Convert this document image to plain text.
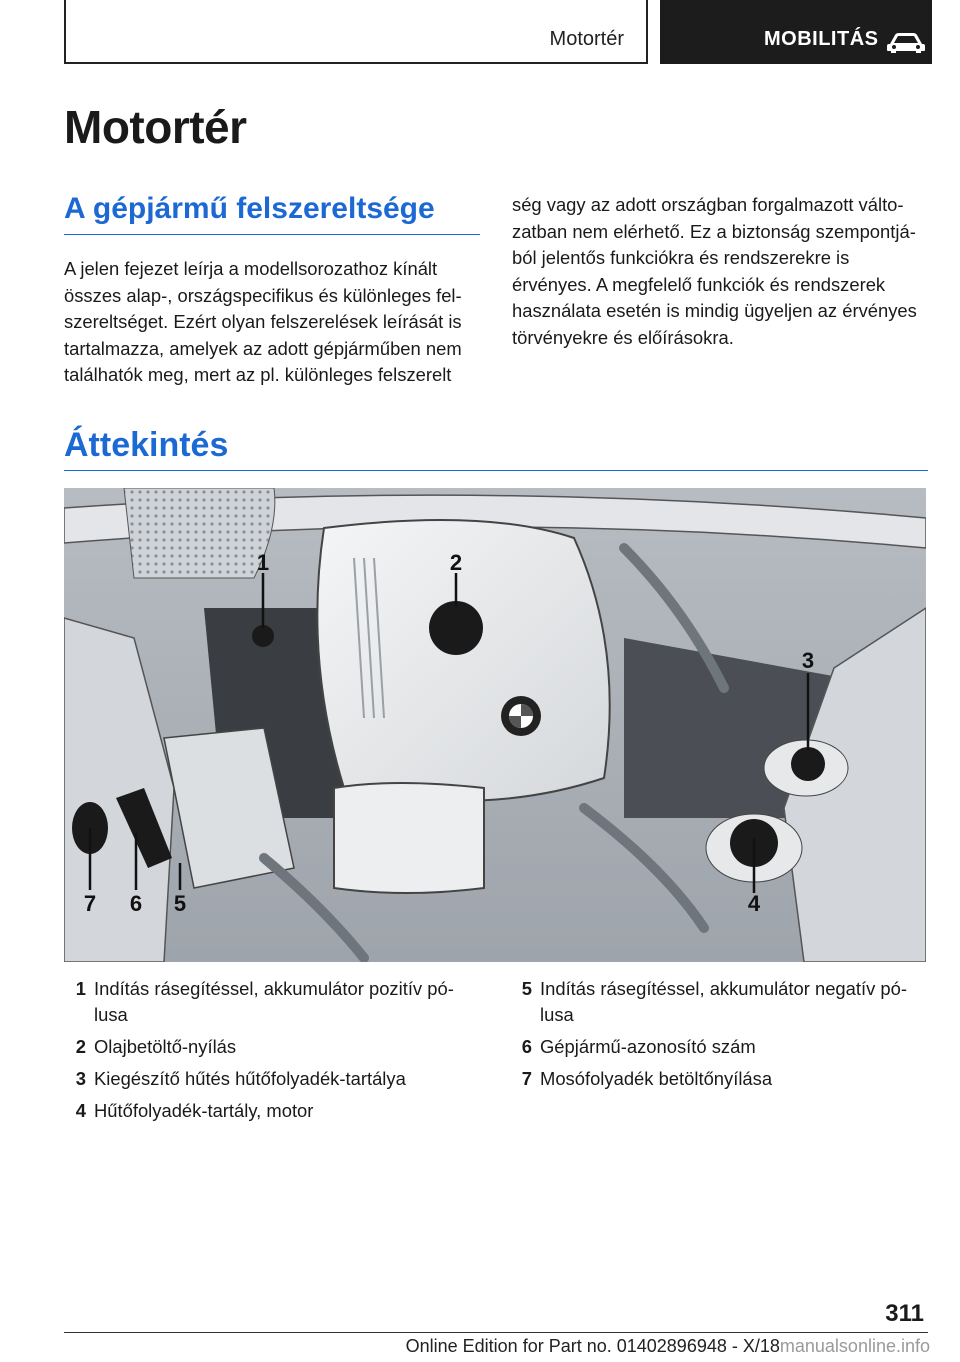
Motortér	MOBILITÁS
Motortér
A gépjármű felszereltsége

A jelen fejezet leírja a modellsorozathoz kínált összes alap-, országspecifikus és különleges felszereltséget. Ezért olyan felszerelések leírását is tartalmazza, amelyek az adott gépjárműben nem találhatók meg, mert az pl. különleges felszerelt

ség vagy az adott országban forgalmazott változatban nem elérhető. Ez a biztonság szempontjából jelentős funkciókra és rendszerekre is érvényes. A megfelelő funkciók és rendszerek használata esetén is mindig ügyeljen az érvényes törvényekre és előírásokra.

Áttekintés
1	2
3
4
5
6
7
1 Indítás rásegítéssel, akkumulátor pozitív pólusa
2 Olajbetöltő-nyílás
3 Kiegészítő hűtés hűtőfolyadék-tartálya
4 Hűtőfolyadék-tartály, motor
5 Indítás rásegítéssel, akkumulátor negatív pólusa
6 Gépjármű-azonosító szám
7 Mosófolyadék betöltőnyílása
311
Online Edition for Part no. 01402896948 - X/18manualsonline.info
